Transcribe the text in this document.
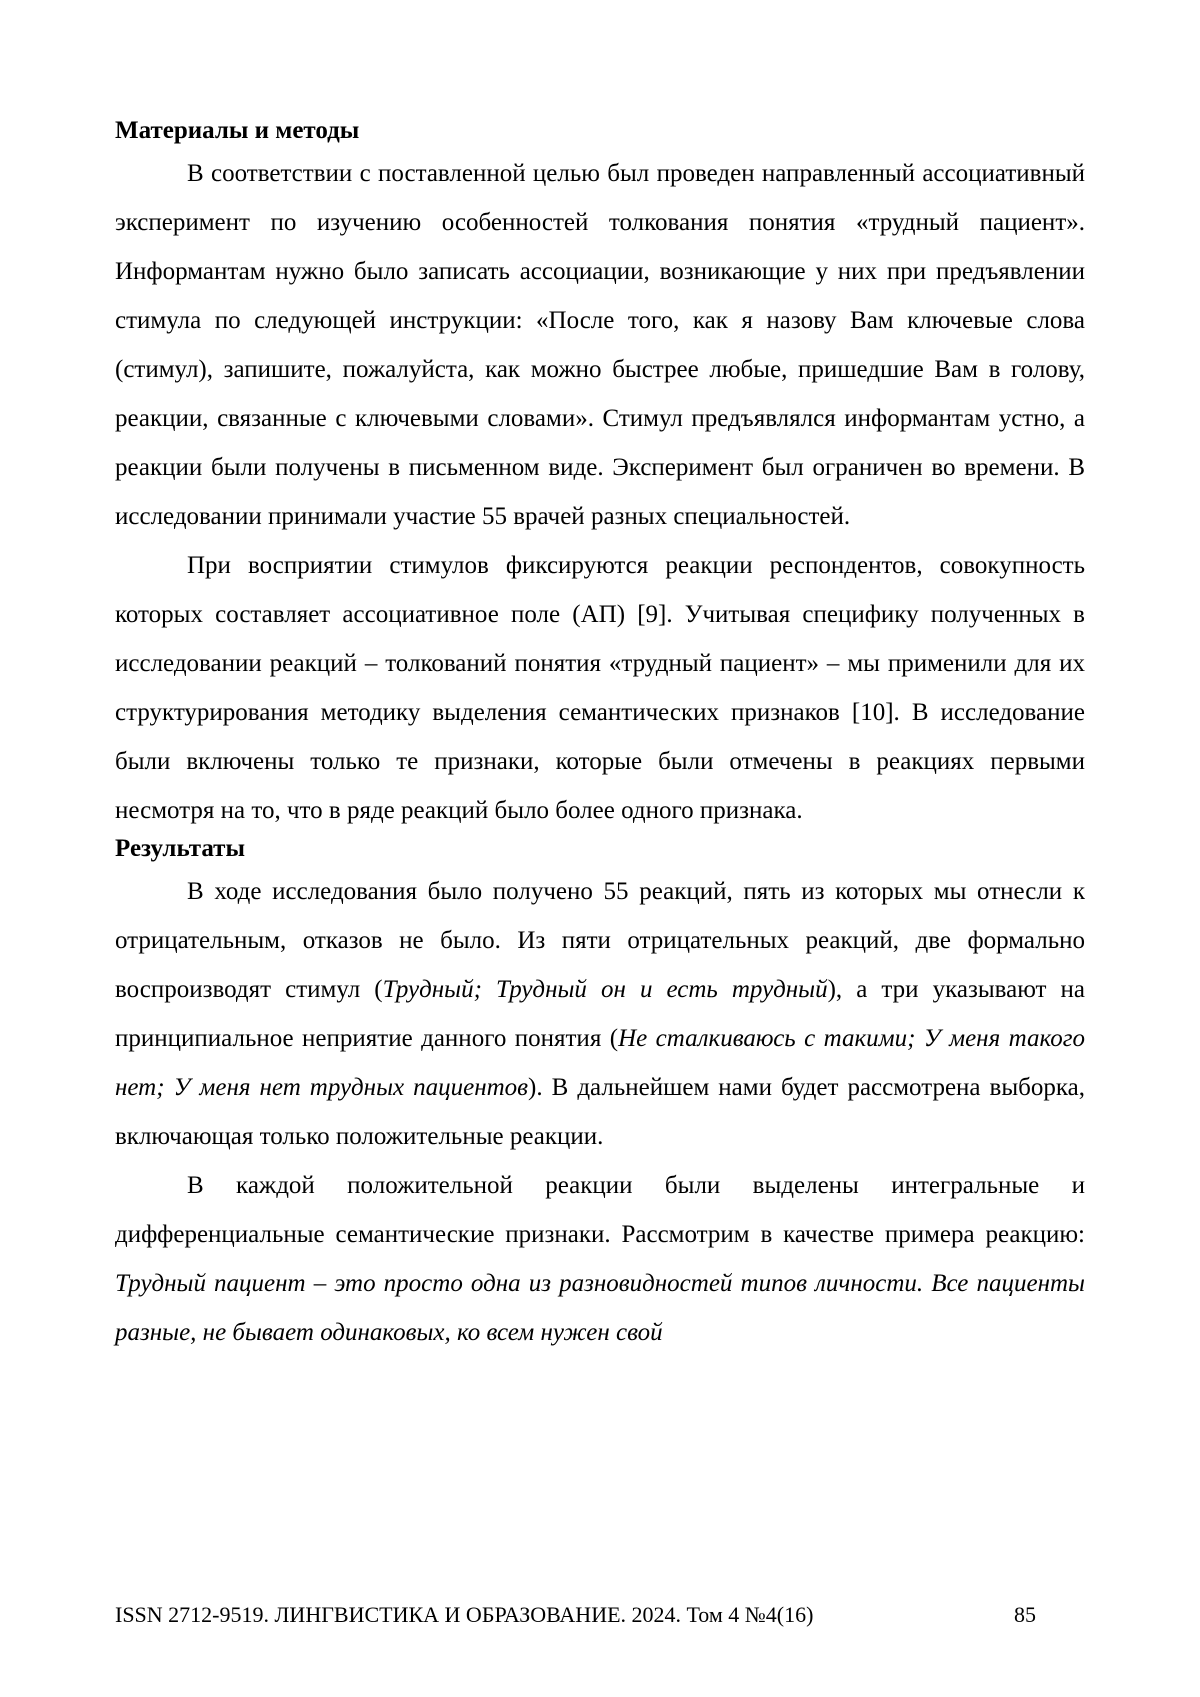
Материалы и методы

В соответствии с поставленной целью был проведен направленный ассоциативный эксперимент по изучению особенностей толкования понятия «трудный пациент». Информантам нужно было записать ассоциации, возникающие у них при предъявлении стимула по следующей инструкции: «После того, как я назову Вам ключевые слова (стимул), запишите, пожалуйста, как можно быстрее любые, пришедшие Вам в голову, реакции, связанные с ключевыми словами». Стимул предъявлялся информантам устно, а реакции были получены в письменном виде. Эксперимент был ограничен во времени. В исследовании принимали участие 55 врачей разных специальностей.

При восприятии стимулов фиксируются реакции респондентов, совокупность которых составляет ассоциативное поле (АП) [9]. Учитывая специфику полученных в исследовании реакций – толкований понятия «трудный пациент» – мы применили для их структурирования методику выделения семантических признаков [10]. В исследование были включены только те признаки, которые были отмечены в реакциях первыми несмотря на то, что в ряде реакций было более одного признака.

Результаты

В ходе исследования было получено 55 реакций, пять из которых мы отнесли к отрицательным, отказов не было. Из пяти отрицательных реакций, две формально воспроизводят стимул (Трудный; Трудный он и есть трудный), а три указывают на принципиальное неприятие данного понятия (Не сталкиваюсь с такими; У меня такого нет; У меня нет трудных пациентов). В дальнейшем нами будет рассмотрена выборка, включающая только положительные реакции.

В каждой положительной реакции были выделены интегральные и дифференциальные семантические признаки. Рассмотрим в качестве примера реакцию: Трудный пациент – это просто одна из разновидностей типов личности. Все пациенты разные, не бывает одинаковых, ко всем нужен свой

ISSN 2712-9519. ЛИНГВИСТИКА И ОБРАЗОВАНИЕ. 2024. Том 4 №4(16)	85
